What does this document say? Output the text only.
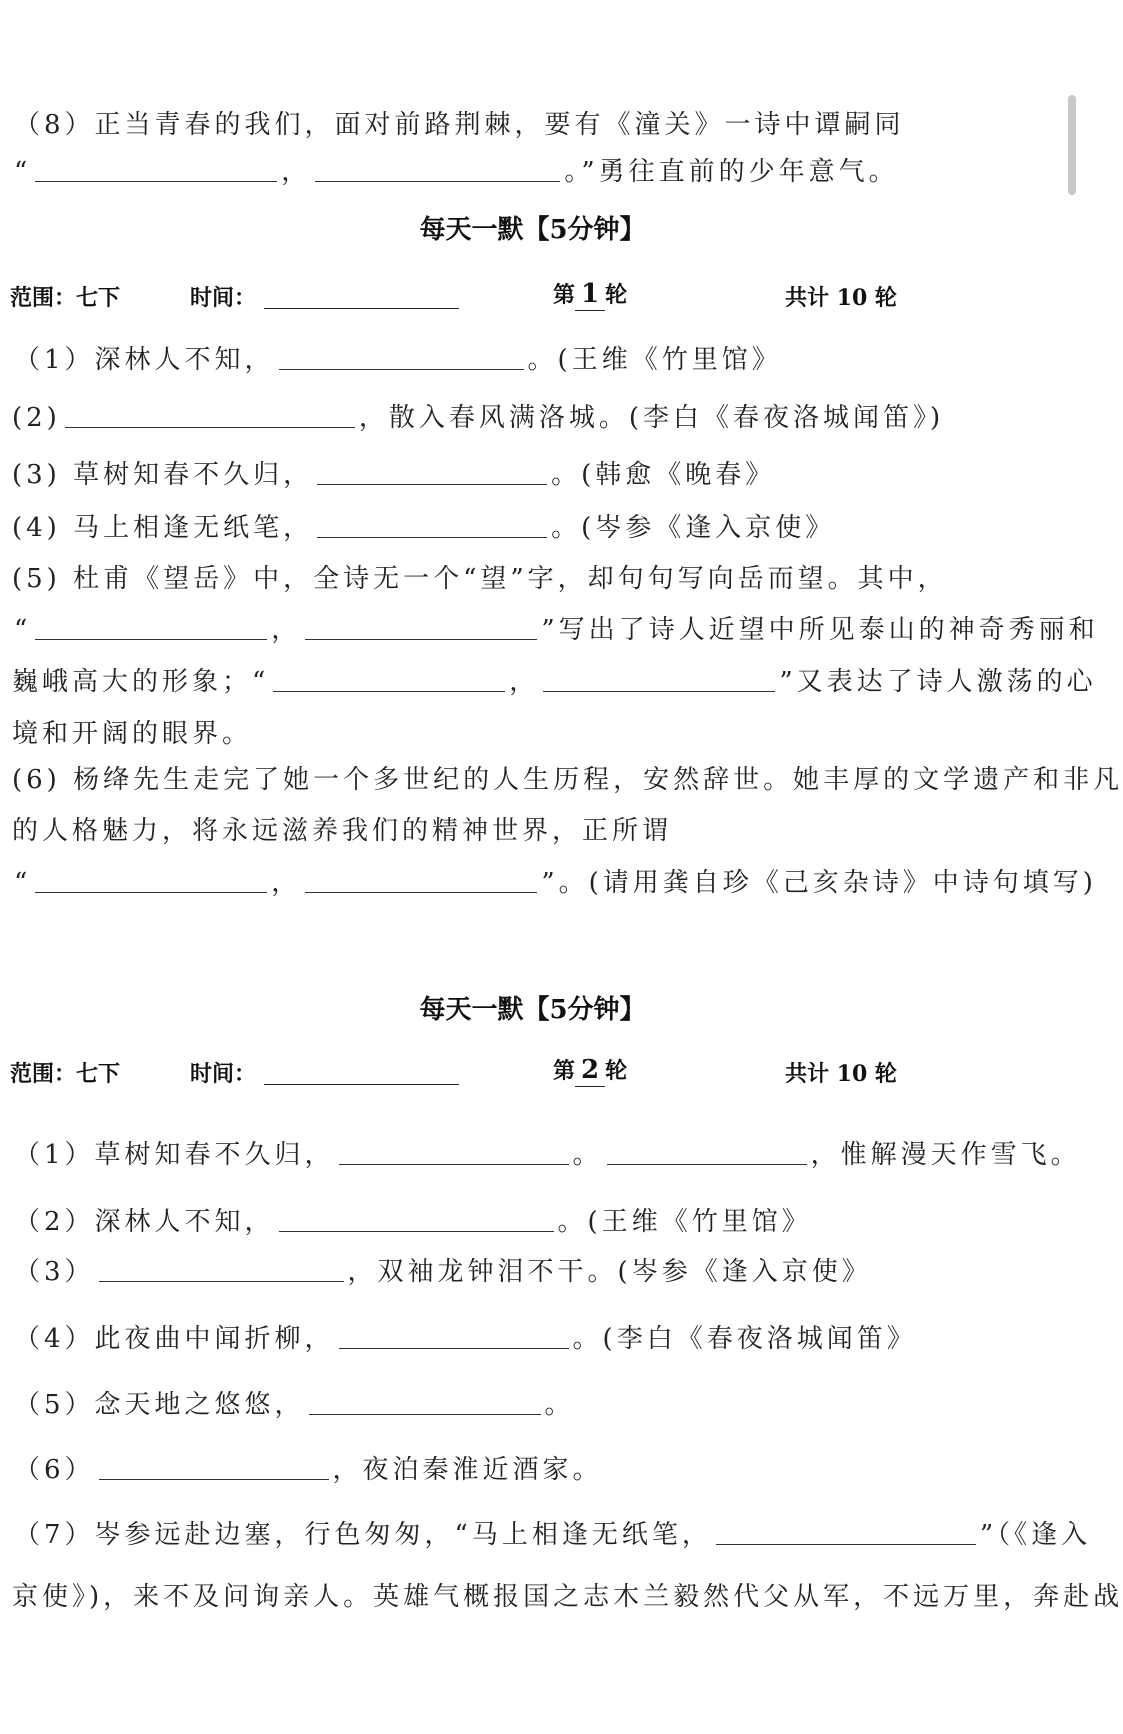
（8）正当青春的我们，面对前路荆棘，要有《潼关》一诗中谭嗣同
“	，	。”勇往直前的少年意气。
每天一默【5分钟】
范围：七下	时间：	第 1 轮	共计 10 轮
（1）深林人不知，	。(王维《竹里馆》
(2)	，散入春风满洛城。(李白《春夜洛城闻笛》)
(3) 草树知春不久归，	。(韩愈《晚春》
(4) 马上相逢无纸笔，	。(岑参《逢入京使》
(5) 杜甫《望岳》中，全诗无一个“望”字，却句句写向岳而望。其中，
“	，	”写出了诗人近望中所见泰山的神奇秀丽和
巍峨高大的形象；“	，	”又表达了诗人激荡的心
境和开阔的眼界。
(6) 杨绛先生走完了她一个多世纪的人生历程，安然辞世。她丰厚的文学遗产和非凡
的人格魅力，将永远滋养我们的精神世界，正所谓
“	，	”。(请用龚自珍《己亥杂诗》中诗句填写)
每天一默【5分钟】
范围：七下	时间：	第 2 轮	共计 10 轮
（1）草树知春不久归，	。	，惟解漫天作雪飞。
（2）深林人不知，	。(王维《竹里馆》
（3）	，双袖龙钟泪不干。(岑参《逢入京使》
（4）此夜曲中闻折柳，	。(李白《春夜洛城闻笛》
（5）念天地之悠悠，	。
（6）	，夜泊秦淮近酒家。
（7）岑参远赴边塞，行色匆匆，“马上相逢无纸笔，	”（《逢入
京使》)，来不及问询亲人。英雄气概报国之志木兰毅然代父从军，不远万里，奔赴战
